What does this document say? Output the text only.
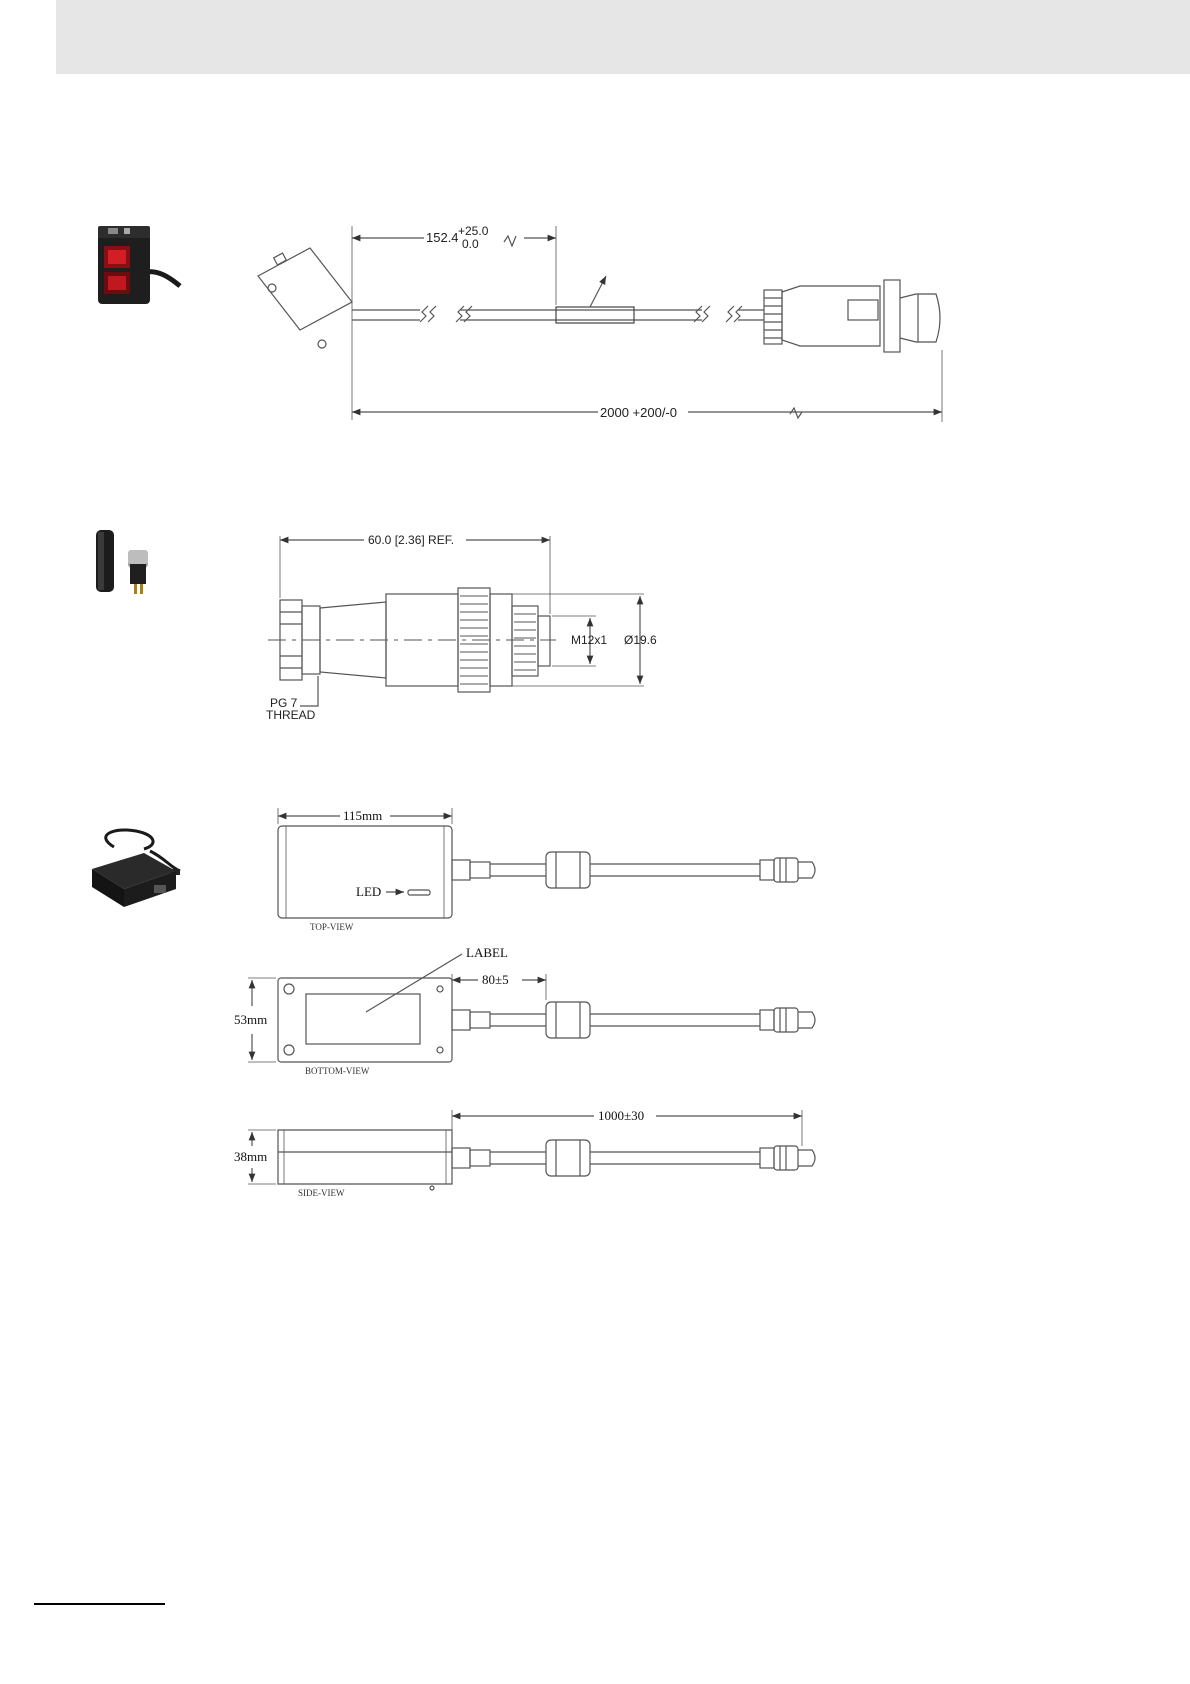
152.4 +25.0
0.0
2000 +200/-0
60.0 [2.36] REF.
M12x1 Ø19.6
PG 7
THREAD
115mm
LED
TOP-VIEW
LABEL
80±5
53mm
BOTTOM-VIEW
1000±30
38mm
SIDE-VIEW
